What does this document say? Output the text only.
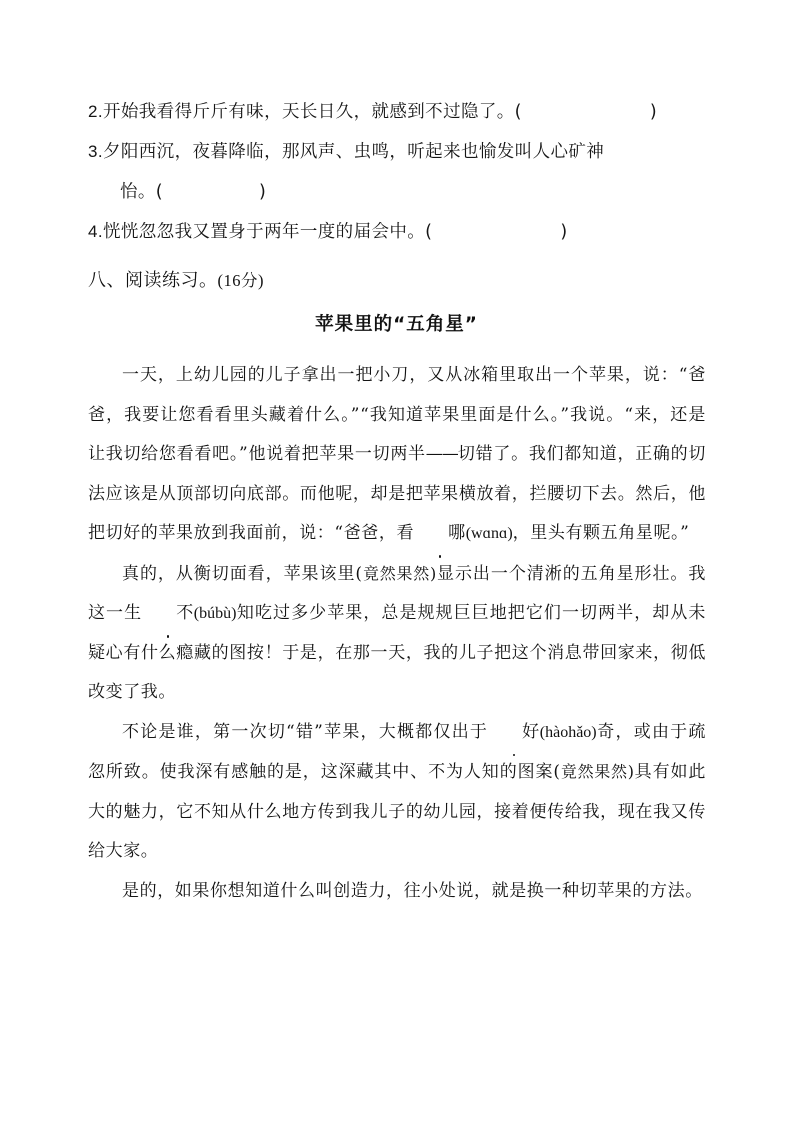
2.开始我看得斤斤有味，天长日久，就感到不过隐了。(	)
3.夕阳西沉，夜暮降临，那风声、虫鸣，听起来也愉发叫人心矿神
怡。(	)
4.恍恍忽忽我又置身于两年一度的届会中。(	)
八、阅读练习。(16分)
苹果里的“五角星”

一天，上幼儿园的儿子拿出一把小刀，又从冰箱里取出一个苹果，说：“爸爸，我要让您看看里头藏着什么。”“我知道苹果里面是什么。”我说。“来，还是让我切给您看看吧。”他说着把苹果一切两半——切错了。我们都知道，正确的切法应该是从顶部切向底部。而他呢，却是把苹果横放着，拦腰切下去。然后，他把切好的苹果放到我面前，说：“爸爸，看 哪(wɑnɑ)，里头有颗五角星呢。”

真的，从衡切面看，苹果该里(竟然果然)显示出一个清淅的五角星形壮。我这一生 不(búbù)知吃过多少苹果，总是规规巨巨地把它们一切两半，却从未疑心有什么瘾藏的图按！于是，在那一天，我的儿子把这个消息带回家来，彻低改变了我。

不论是谁，第一次切“错”苹果，大概都仅出于 好(hàohǎo)奇，或由于疏忽所致。使我深有感触的是，这深藏其中、不为人知的图案(竟然果然)具有如此大的魅力，它不知从什么地方传到我儿子的幼儿园，接着便传给我，现在我又传给大家。

是的，如果你想知道什么叫创造力，往小处说，就是换一种切苹果的方法。
